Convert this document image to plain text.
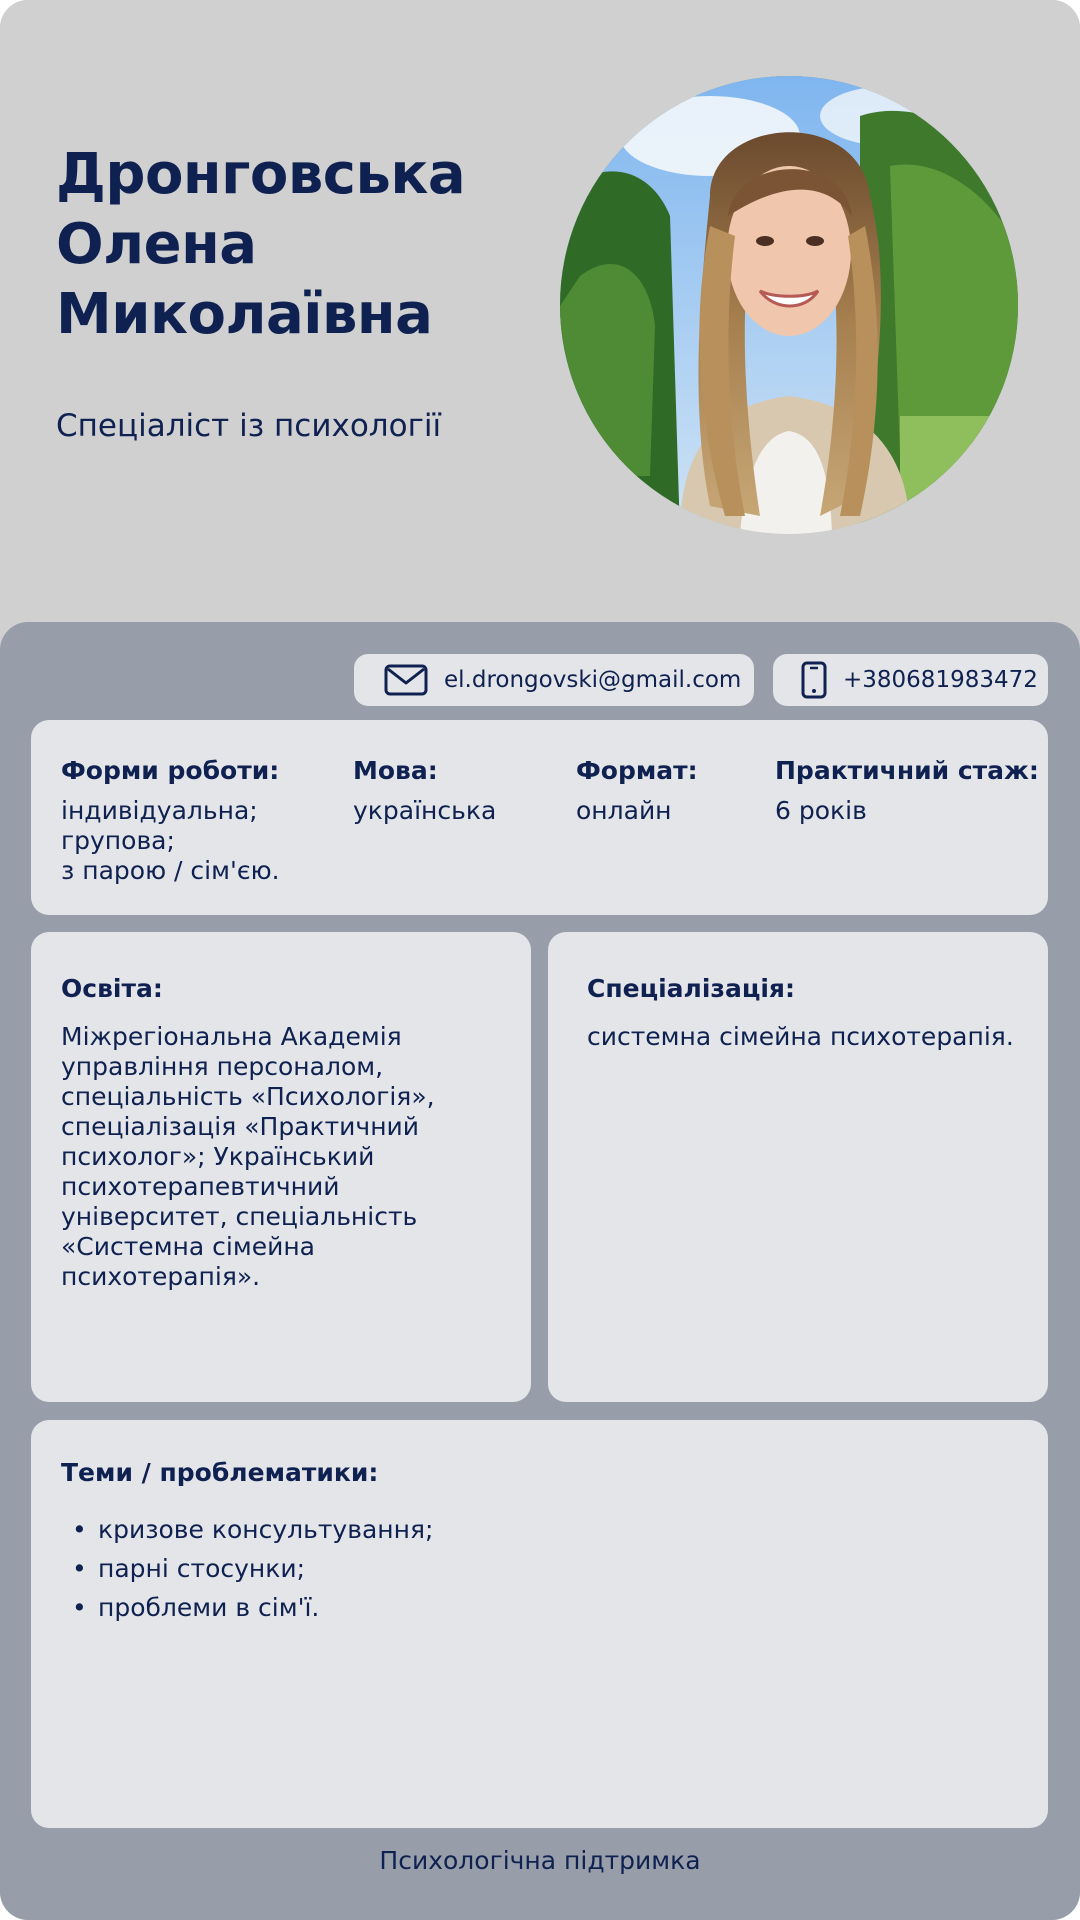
Дронговська
Олена
Миколаївна
Спеціаліст із психології
el.drongovski@gmail.com	+380681983472
Форми роботи:
індивідуальна;
групова;
з парою / сім'єю.
Мова:
українська
Формат:
онлайн
Практичний стаж:
6 років
Освіта:
Міжрегіональна Академія
управління персоналом,
спеціальність «Психологія»,
спеціалізація «Практичний
психолог»; Український
психотерапевтичний
університет, спеціальність
«Системна сімейна
психотерапія».
Спеціалізація:
системна сімейна психотерапія.
Теми / проблематики:
• кризове консультування;
• парні стосунки;
• проблеми в сім'ї.
Психологічна підтримка
